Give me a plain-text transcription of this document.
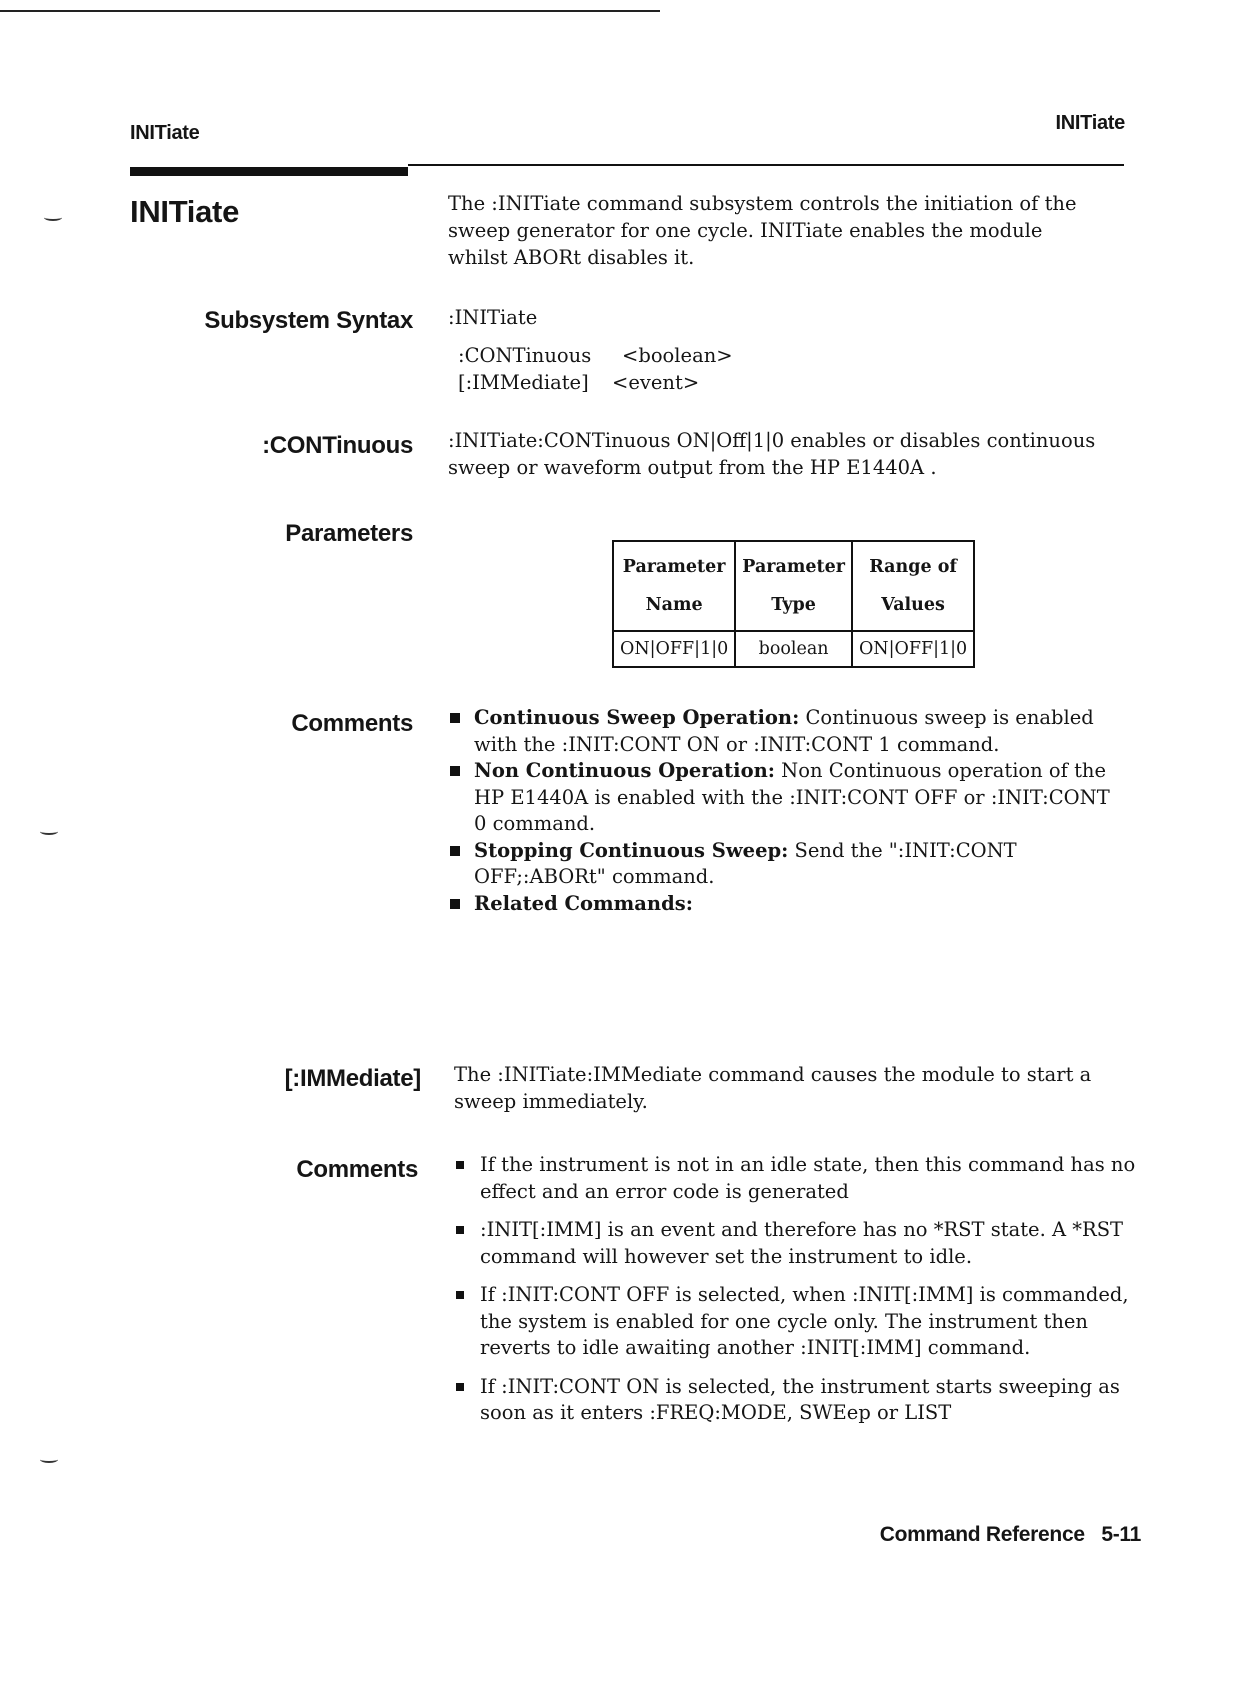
INITiate	INITiate
INITiate	The :INITiate command subsystem controls the initiation of the sweep generator for one cycle. INITiate enables the module whilst ABORt disables it.
Subsystem Syntax :INITiate
:CONTinuous <boolean>
[:IMMediate] <event>
:CONTinuous :INITiate:CONTinuous ON|Off|1|0 enables or disables continuous sweep or waveform output from the HP E1440A .
Parameters
Parameter Name	Parameter Type	Range of Values
ON|OFF|1|0	boolean	ON|OFF|1|0
Comments	Continuous Sweep Operation: Continuous sweep is enabled with the :INIT:CONT ON or :INIT:CONT 1 command.
Non Continuous Operation: Non Continuous operation of the HP E1440A is enabled with the :INIT:CONT OFF or :INIT:CONT 0 command.
Stopping Continuous Sweep: Send the ":INIT:CONT OFF;:ABORt" command.
Related Commands:
[:IMMediate] The :INITiate:IMMediate command causes the module to start a sweep immediately.
Comments	If the instrument is not in an idle state, then this command has no effect and an error code is generated
:INIT[:IMM] is an event and therefore has no *RST state. A *RST command will however set the instrument to idle.
If :INIT:CONT OFF is selected, when :INIT[:IMM] is commanded, the system is enabled for one cycle only. The instrument then reverts to idle awaiting another :INIT[:IMM] command.
If :INIT:CONT ON is selected, the instrument starts sweeping as soon as it enters :FREQ:MODE, SWEep or LIST
Command Reference 5-11
